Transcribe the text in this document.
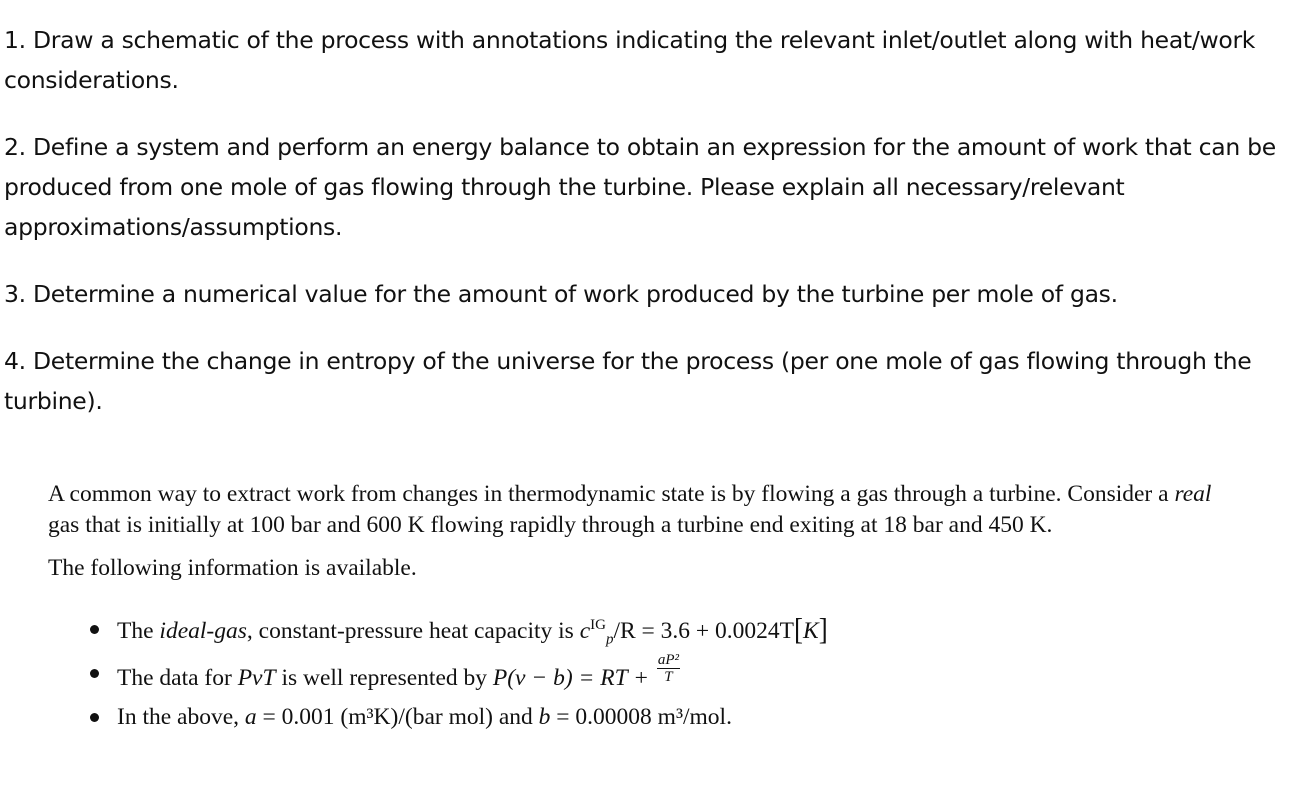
1. Draw a schematic of the process with annotations indicating the relevant inlet/outlet along with heat/work considerations.

2. Define a system and perform an energy balance to obtain an expression for the amount of work that can be produced from one mole of gas flowing through the turbine. Please explain all necessary/relevant approximations/assumptions.

3. Determine a numerical value for the amount of work produced by the turbine per mole of gas.

4. Determine the change in entropy of the universe for the process (per one mole of gas flowing through the turbine).

A common way to extract work from changes in thermodynamic state is by flowing a gas through a turbine. Consider a real gas that is initially at 100 bar and 600 K flowing rapidly through a turbine end exiting at 18 bar and 450 K.

The following information is available.

The ideal-gas, constant-pressure heat capacity is $c^{IG}_p/R = 3.6 + 0.0024T[K]$
The data for PvT is well represented by P(v − b) = RT + $\frac{\text{aP²}}{T}$
In the above, a = 0.001 (m³K)/(bar mol) and b = 0.00008 m³/mol.
